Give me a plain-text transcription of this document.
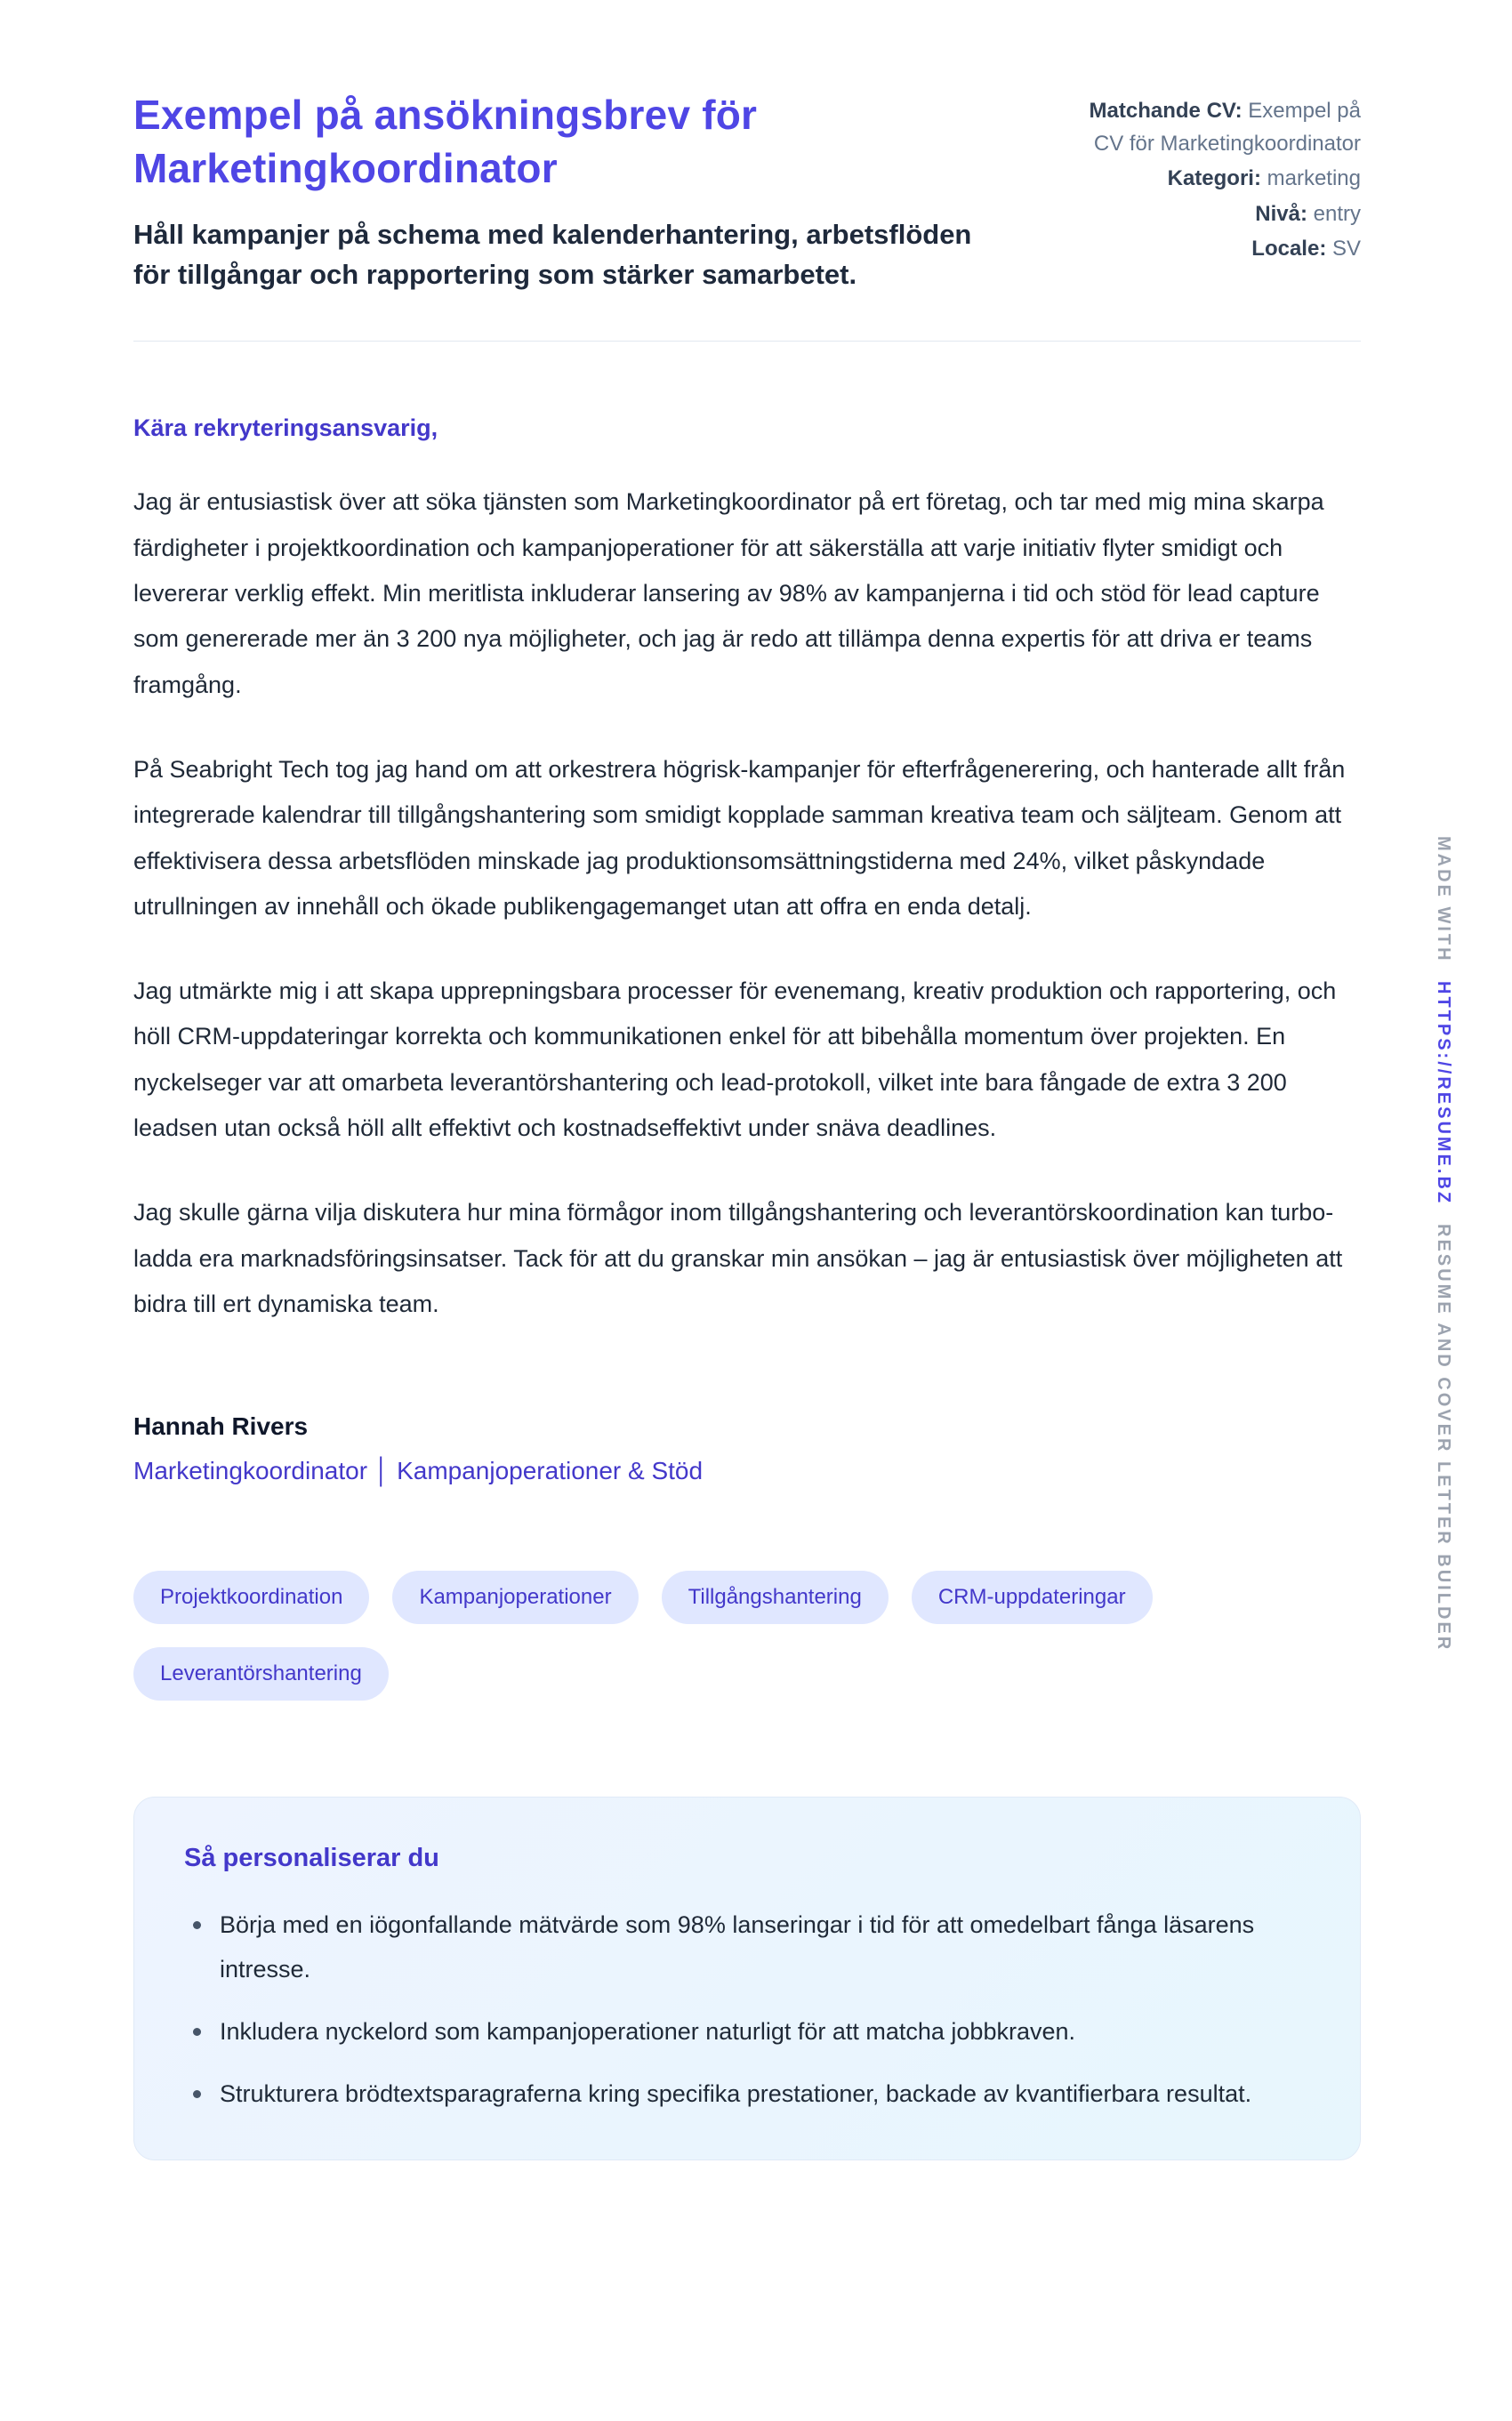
Exempel på ansökningsbrev för Marketingkoordinator
Håll kampanjer på schema med kalenderhantering, arbetsflöden för tillgångar och rapportering som stärker samarbetet.
Matchande CV: Exempel på CV för Marketingkoordinator
Kategori: marketing
Nivå: entry
Locale: SV
Kära rekryteringsansvarig,

Jag är entusiastisk över att söka tjänsten som Marketingkoordinator på ert företag, och tar med mig mina skarpa färdigheter i projektkoordination och kampanjoperationer för att säkerställa att varje initiativ flyter smidigt och levererar verklig effekt. Min meritlista inkluderar lansering av 98% av kampanjerna i tid och stöd för lead capture som genererade mer än 3 200 nya möjligheter, och jag är redo att tillämpa denna expertis för att driva er teams framgång.

På Seabright Tech tog jag hand om att orkestrera högrisk-kampanjer för efterfrågenerering, och hanterade allt från integrerade kalendrar till tillgångshantering som smidigt kopplade samman kreativa team och säljteam. Genom att effektivisera dessa arbetsflöden minskade jag produktionsomsättningstiderna med 24%, vilket påskyndade utrullningen av innehåll och ökade publikengagemanget utan att offra en enda detalj.

Jag utmärkte mig i att skapa upprepningsbara processer för evenemang, kreativ produktion och rapportering, och höll CRM-uppdateringar korrekta och kommunikationen enkel för att bibehålla momentum över projekten. En nyckelseger var att omarbeta leverantörshantering och lead-protokoll, vilket inte bara fångade de extra 3 200 leadsen utan också höll allt effektivt och kostnadseffektivt under snäva deadlines.

Jag skulle gärna vilja diskutera hur mina förmågor inom tillgångshantering och leverantörskoordination kan turbo-ladda era marknadsföringsinsatser. Tack för att du granskar min ansökan – jag är entusiastisk över möjligheten att bidra till ert dynamiska team.

Hannah Rivers
Marketingkoordinator │ Kampanjoperationer & Stöd
Projektkoordination	Kampanjoperationer	Tillgångshantering	CRM-uppdateringar
Leverantörshantering
Så personaliserar du
Börja med en iögonfallande mätvärde som 98% lanseringar i tid för att omedelbart fånga läsarens intresse.
Inkludera nyckelord som kampanjoperationer naturligt för att matcha jobbkraven.
Strukturera brödtextsparagraferna kring specifika prestationer, backade av kvantifierbara resultat.
MADE WITH HTTPS://RESUME.BZ RESUME AND COVER LETTER BUILDER
